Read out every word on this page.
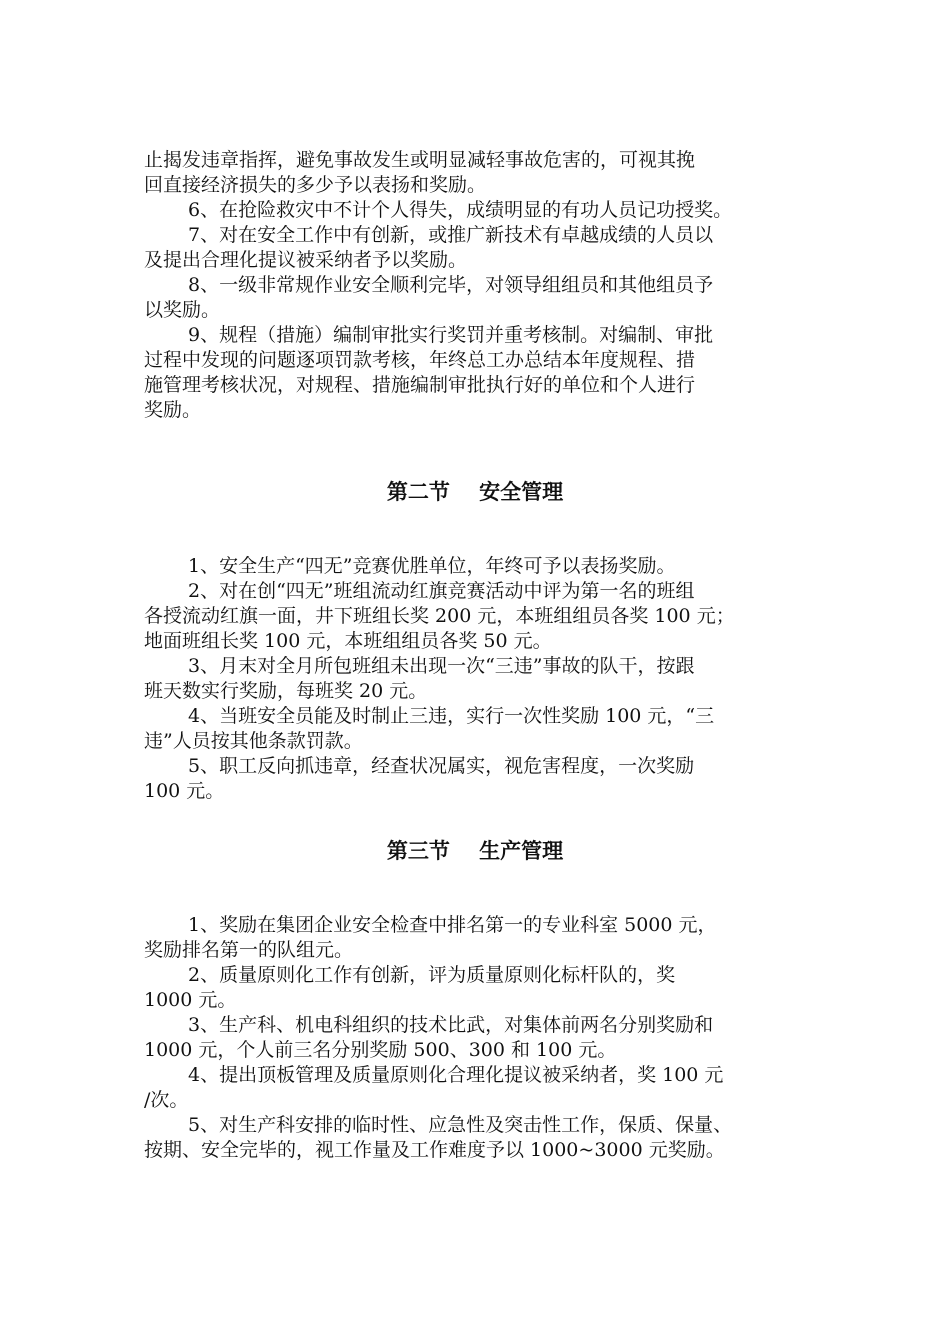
止揭发违章指挥，避免事故发生或明显减轻事故危害的，可视其挽

回直接经济损失的多少予以表扬和奖励。

6、在抢险救灾中不计个人得失，成绩明显的有功人员记功授奖。

7、对在安全工作中有创新，或推广新技术有卓越成绩的人员以

及提出合理化提议被采纳者予以奖励。

8、一级非常规作业安全顺利完毕，对领导组组员和其他组员予

以奖励。

9、规程（措施）编制审批实行奖罚并重考核制。对编制、审批

过程中发现的问题逐项罚款考核，年终总工办总结本年度规程、措

施管理考核状况，对规程、措施编制审批执行好的单位和个人进行

奖励。

第二节    安全管理

1、安全生产“四无”竞赛优胜单位，年终可予以表扬奖励。

2、对在创“四无”班组流动红旗竞赛活动中评为第一名的班组

各授流动红旗一面，井下班组长奖 200 元，本班组组员各奖 100 元；

地面班组长奖 100 元，本班组组员各奖 50 元。

3、月末对全月所包班组未出现一次“三违”事故的队干，按跟

班天数实行奖励，每班奖 20 元。

4、当班安全员能及时制止三违，实行一次性奖励 100 元，“三

违”人员按其他条款罚款。

5、职工反向抓违章，经查状况属实，视危害程度，一次奖励

100 元。

第三节    生产管理

1、奖励在集团企业安全检查中排名第一的专业科室 5000 元，

奖励排名第一的队组元。

2、质量原则化工作有创新，评为质量原则化标杆队的，奖

1000 元。

3、生产科、机电科组织的技术比武，对集体前两名分别奖励和

1000 元，个人前三名分别奖励 500、300 和 100 元。

4、提出顶板管理及质量原则化合理化提议被采纳者，奖 100 元

/次。

5、对生产科安排的临时性、应急性及突击性工作，保质、保量、

按期、安全完毕的，视工作量及工作难度予以 1000~3000 元奖励。
